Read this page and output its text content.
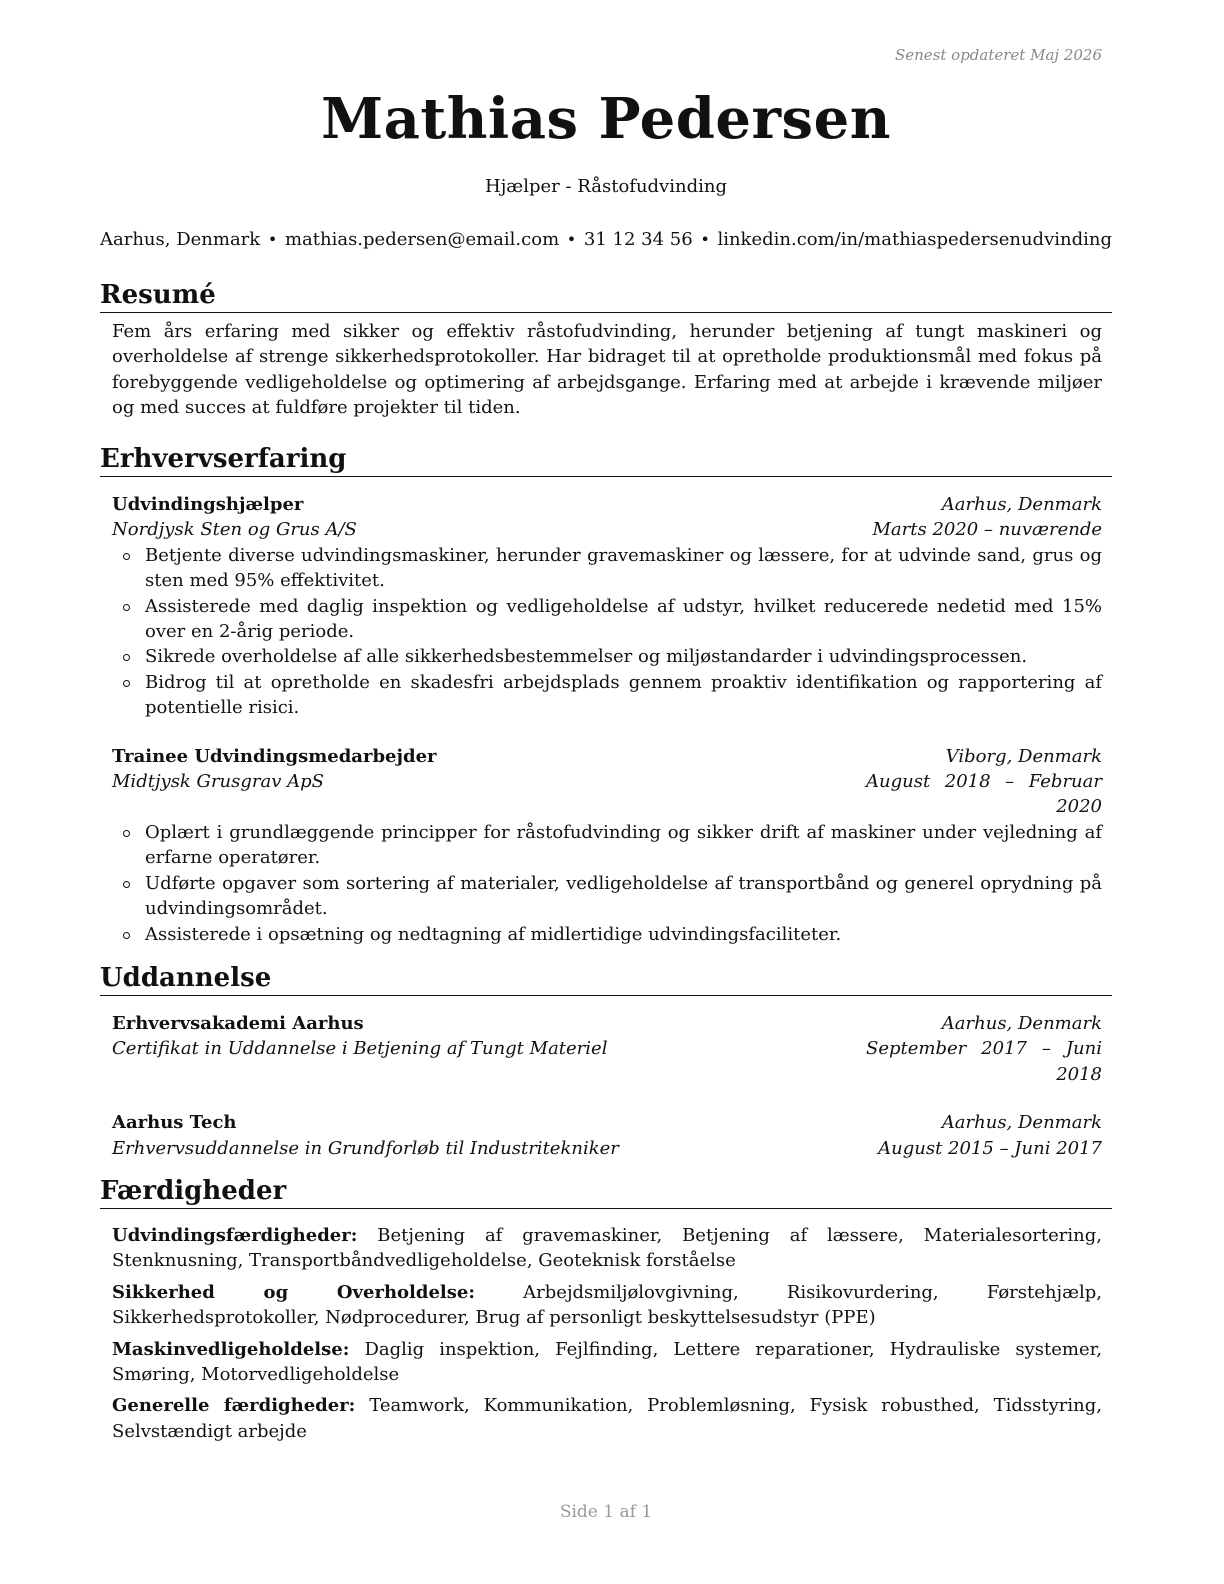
Senest opdateret Maj 2026
Mathias Pedersen
Hjælper - Råstofudvinding
Aarhus, Denmark • mathias.pedersen@email.com • 31 12 34 56 • linkedin.com/in/mathiaspedersenudvinding
Resumé
Fem års erfaring med sikker og effektiv råstofudvinding, herunder betjening af tungt maskineri og overholdelse af strenge sikkerhedsprotokoller. Har bidraget til at opretholde produktionsmål med fokus på forebyggende vedligeholdelse og optimering af arbejdsgange. Erfaring med at arbejde i krævende miljøer og med succes at fuldføre projekter til tiden.
Erhvervserfaring
Udvindingshjælper	Aarhus, Denmark
Nordjysk Sten og Grus A/S	Marts 2020 – nuværende
Betjente diverse udvindingsmaskiner, herunder gravemaskiner og læssere, for at udvinde sand, grus og sten med 95% effektivitet.
Assisterede med daglig inspektion og vedligeholdelse af udstyr, hvilket reducerede nedetid med 15% over en 2-årig periode.
Sikrede overholdelse af alle sikkerhedsbestemmelser og miljøstandarder i udvindingsprocessen.
Bidrog til at opretholde en skadesfri arbejdsplads gennem proaktiv identifikation og rapportering af potentielle risici.
Trainee Udvindingsmedarbejder	Viborg, Denmark
Midtjysk Grusgrav ApS	August 2018 – Februar 2020
Oplært i grundlæggende principper for råstofudvinding og sikker drift af maskiner under vejledning af erfarne operatører.
Udførte opgaver som sortering af materialer, vedligeholdelse af transportbånd og generel oprydning på udvindingsområdet.
Assisterede i opsætning og nedtagning af midlertidige udvindingsfaciliteter.
Uddannelse
Erhvervsakademi Aarhus	Aarhus, Denmark
Certifikat in Uddannelse i Betjening af Tungt Materiel	September 2017 – Juni 2018
Aarhus Tech	Aarhus, Denmark
Erhvervsuddannelse in Grundforløb til Industritekniker	August 2015 – Juni 2017
Færdigheder
Udvindingsfærdigheder: Betjening af gravemaskiner, Betjening af læssere, Materialesortering, Stenknusning, Transportbåndvedligeholdelse, Geoteknisk forståelse
Sikkerhed og Overholdelse:	Arbejdsmiljølovgivning, Risikovurdering, Førstehjælp, Sikkerhedsprotokoller, Nødprocedurer, Brug af personligt beskyttelsesudstyr (PPE)
Maskinvedligeholdelse: Daglig inspektion, Fejlfinding, Lettere reparationer, Hydrauliske systemer, Smøring, Motorvedligeholdelse
Generelle færdigheder: Teamwork, Kommunikation, Problemløsning, Fysisk robusthed, Tidsstyring, Selvstændigt arbejde
Side 1 af 1
